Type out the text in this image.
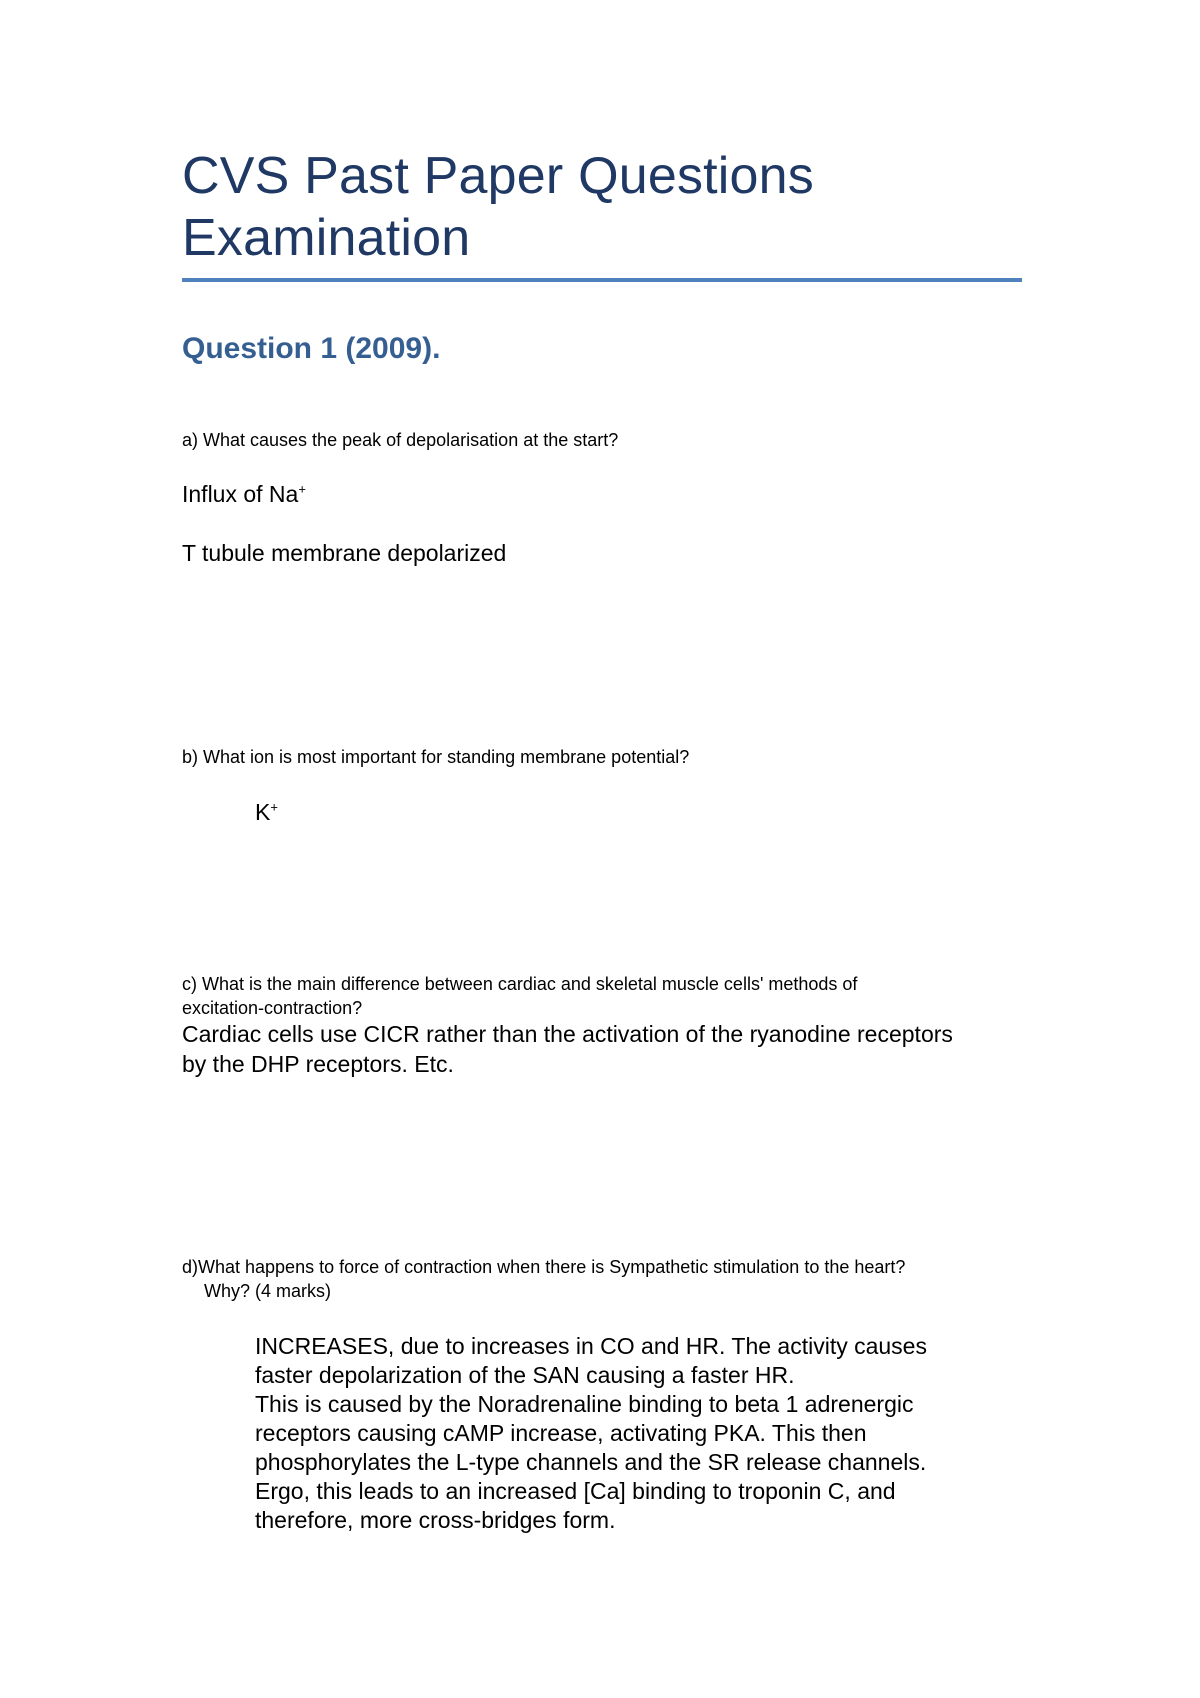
CVS Past Paper Questions
Examination
Question 1 (2009).
a) What causes the peak of depolarisation at the start?
Influx of Na+
T tubule membrane depolarized
b) What ion is most important for standing membrane potential?
K+
c) What is the main difference between cardiac and skeletal muscle cells' methods of
excitation-contraction?
Cardiac cells use CICR rather than the activation of the ryanodine receptors
by the DHP receptors. Etc.
d)What happens to force of contraction when there is Sympathetic stimulation to the heart?
Why? (4 marks)
INCREASES, due to increases in CO and HR. The activity causes
faster depolarization of the SAN causing a faster HR.
This is caused by the Noradrenaline binding to beta 1 adrenergic
receptors causing cAMP increase, activating PKA. This then
phosphorylates the L-type channels and the SR release channels.
Ergo, this leads to an increased [Ca] binding to troponin C, and
therefore, more cross-bridges form.
